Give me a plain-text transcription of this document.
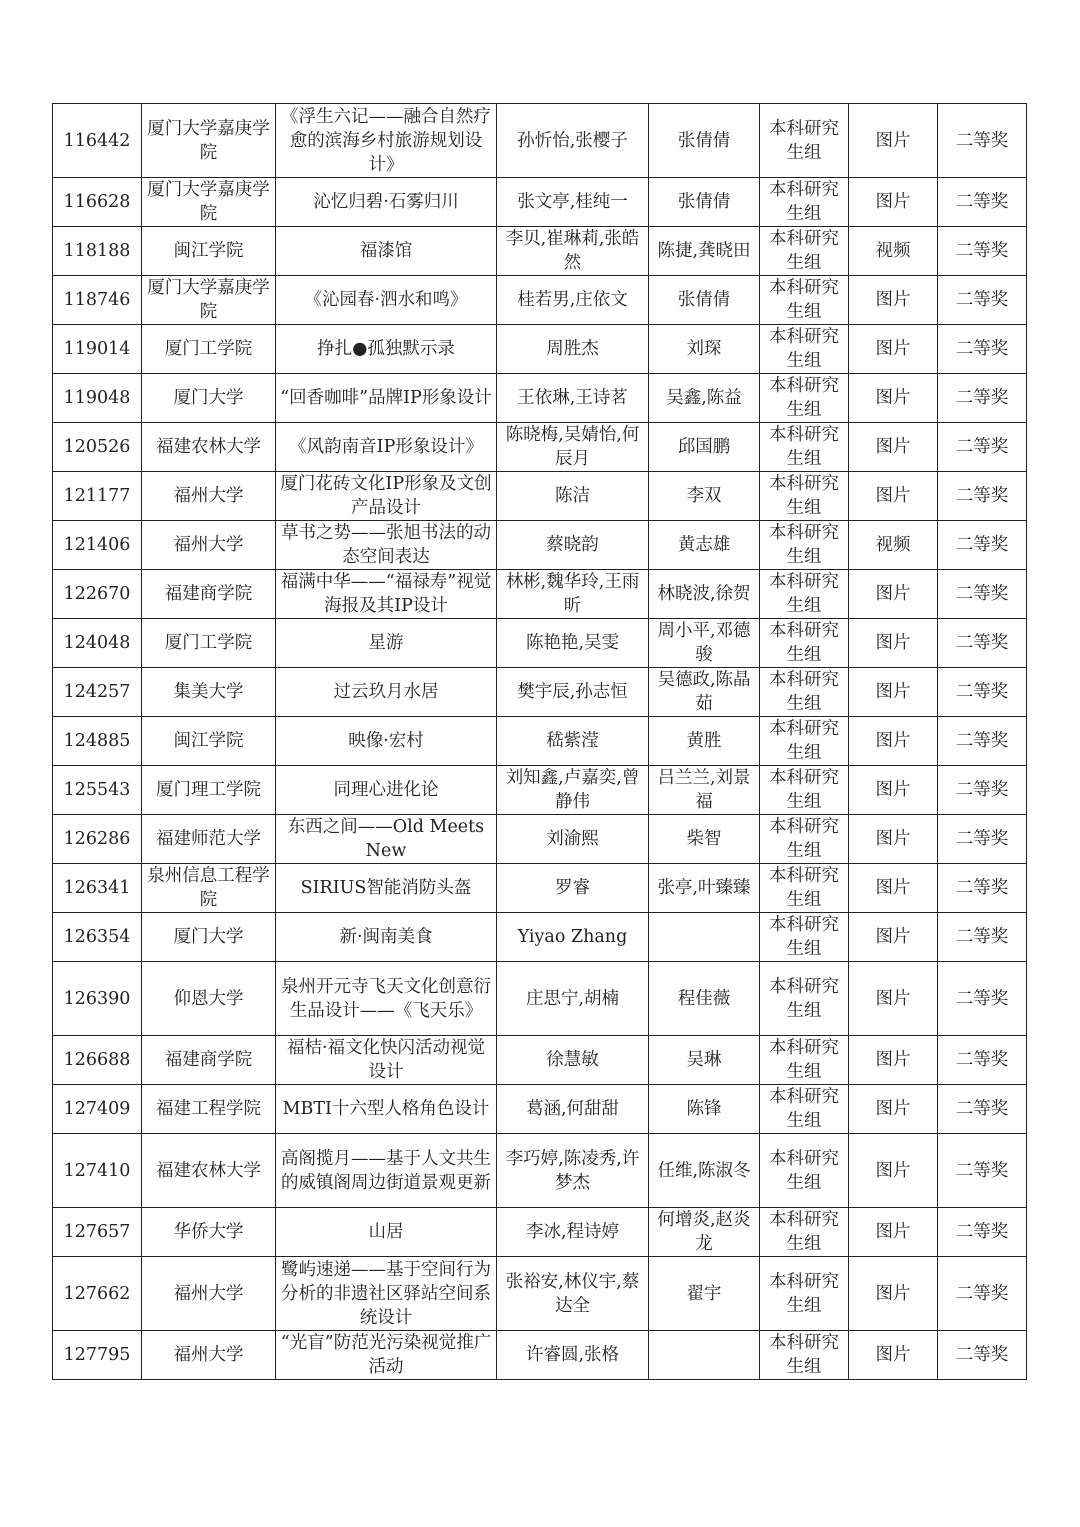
116442	厦门大学嘉庚学院	《浮生六记——融合自然疗愈的滨海乡村旅游规划设计》	孙忻怡,张樱子	张倩倩	本科研究生组	图片	二等奖
116628	厦门大学嘉庚学院	沁忆归碧·石雾归川	张文亭,桂纯一	张倩倩	本科研究生组	图片	二等奖
118188	闽江学院	福漆馆	李贝,崔琳莉,张皓然	陈捷,龚晓田	本科研究生组	视频	二等奖
118746	厦门大学嘉庚学院	《沁园春·泗水和鸣》	桂若男,庄依文	张倩倩	本科研究生组	图片	二等奖
119014	厦门工学院	挣扎●孤独默示录	周胜杰	刘琛	本科研究生组	图片	二等奖
119048	厦门大学	“回香咖啡”品牌IP形象设计	王依琳,王诗茗	吴鑫,陈益	本科研究生组	图片	二等奖
120526	福建农林大学	《风韵南音IP形象设计》	陈晓梅,吴婧怡,何辰月	邱国鹏	本科研究生组	图片	二等奖
121177	福州大学	厦门花砖文化IP形象及文创产品设计	陈洁	李双	本科研究生组	图片	二等奖
121406	福州大学	草书之势——张旭书法的动态空间表达	蔡晓韵	黄志雄	本科研究生组	视频	二等奖
122670	福建商学院	福满中华——“福禄寿”视觉海报及其IP设计	林彬,魏华玲,王雨昕	林晓波,徐贺	本科研究生组	图片	二等奖
124048	厦门工学院	星游	陈艳艳,吴雯	周小平,邓德骏	本科研究生组	图片	二等奖
124257	集美大学	过云玖月水居	樊宇辰,孙志恒	吴德政,陈晶茹	本科研究生组	图片	二等奖
124885	闽江学院	映像·宏村	嵇紫滢	黄胜	本科研究生组	图片	二等奖
125543	厦门理工学院	同理心进化论	刘知鑫,卢嘉奕,曾静伟	吕兰兰,刘景福	本科研究生组	图片	二等奖
126286	福建师范大学	东西之间——Old Meets New	刘渝熙	柴智	本科研究生组	图片	二等奖
126341	泉州信息工程学院	SIRIUS智能消防头盔	罗睿	张亭,叶臻臻	本科研究生组	图片	二等奖
126354	厦门大学	新·闽南美食	Yiyao Zhang		本科研究生组	图片	二等奖
126390	仰恩大学	泉州开元寺飞天文化创意衍生品设计——《飞天乐》	庄思宁,胡楠	程佳薇	本科研究生组	图片	二等奖
126688	福建商学院	福桔·福文化快闪活动视觉设计	徐慧敏	吴琳	本科研究生组	图片	二等奖
127409	福建工程学院	MBTI十六型人格角色设计	葛涵,何甜甜	陈锋	本科研究生组	图片	二等奖
127410	福建农林大学	高阁揽月——基于人文共生的威镇阁周边街道景观更新	李巧婷,陈凌秀,许梦杰	任维,陈淑冬	本科研究生组	图片	二等奖
127657	华侨大学	山居	李冰,程诗婷	何增炎,赵炎龙	本科研究生组	图片	二等奖
127662	福州大学	鹭屿速递——基于空间行为分析的非遗社区驿站空间系统设计	张裕安,林仪宇,蔡达全	翟宇	本科研究生组	图片	二等奖
127795	福州大学	“光盲”防范光污染视觉推广活动	许睿圆,张格		本科研究生组	图片	二等奖
